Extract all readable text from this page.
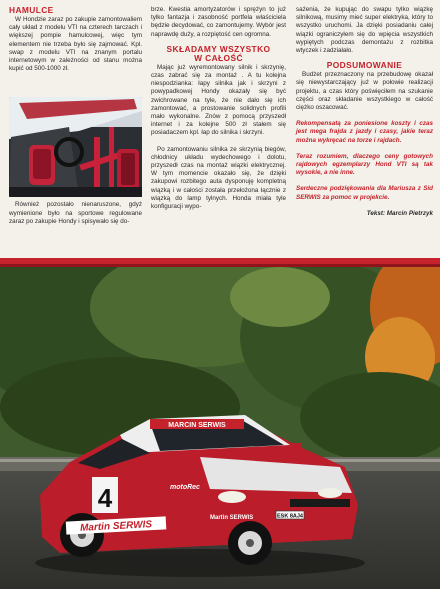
HAMULCE
W Hondzie zaraz po zakupie zamontowaliem cały układ z modelu VTI na czterech tarczach i większej pompie hamulcowej, więc tym elementem nie trzeba było się zajmować. Kpl. swap z modelu VTI na znanym portalu internetowym w zależności od stanu można kupić od 500-1000 zł.
Również pozostało nienaruszone, gdyż wymienione było na sportowe regulowane zaraz po zakupie Hondy i spisywało się do-
brze. Kwestia amortyzatorów i sprężyn to już tylko fantazja i zasobność portfela właściciela będzie decydować, co zamontujemy. Wybór jest naprawdę duży, a rozpiętość cen ogromna.
SKŁADAMY WSZYSTKO
W CAŁOŚĆ
Mając już wyremontowany silnik i skrzynię, czas zabrać się za montaż . A tu kolejna niespodzianka: łapy silnika jak i skrzyni z powypadkowej Hondy okazały się być zwichrowane na tyle, że nie dało się ich zamontować, a prostowanie solidnych profili mało wykonalne. Znów z pomocą przyszedł internet i za kolejne 500 zł stałem się posiadaczem kpl. łap do silnika i skrzyni.
Po zamontowaniu silnika ze skrzynią biegów, chłodnicy układu wydechowego i dolotu, przyszedł czas na montaż wiązki elektrycznej. W tym momencie okazało się, że dzięki zakupowi rozbitego auta dysponuję kompletną wiązką i w całości została przełożona łącznie z wiązką do lamp tylnych. Honda miała tyle konfiguracji wypo-
sażenia, że kupując do swapu tylko wiązkę silnikową, musimy mieć super elektryka, który to wszystko uruchomi. Ja dzięki posiadaniu całej wiązki ograniczyłem się do wpięcia wszystkich wypiętych podczas demontażu z rozbitka wtyczek i zadziałało.
PODSUMOWANIE
Budżet przeznaczony na przebudowę okazał się niewystarczający już w połowie realizacji projektu, a czas który poświęciłem na szukanie części oraz składanie wszystkiego w całość ciężko oszacować.
Rekompensatą za poniesione koszty i czas jest mega frajda z jazdy i czasy, jakie teraz można wykręcać na torze i rajdach.
Teraz rozumiem, dlaczego ceny gotowych rajdowych egzemplarzy Hond VTI są tak wysokie, a nie inne.
Serdeczne podziękowania dla Mariusza z Sid SERWIS za pomoc w projekcie.
Tekst: Marcin Pietrzyk
4
MARCIN SERWIS
Martin SERWIS
motoRec
Martin SERWIS	ESK 8AJ4
